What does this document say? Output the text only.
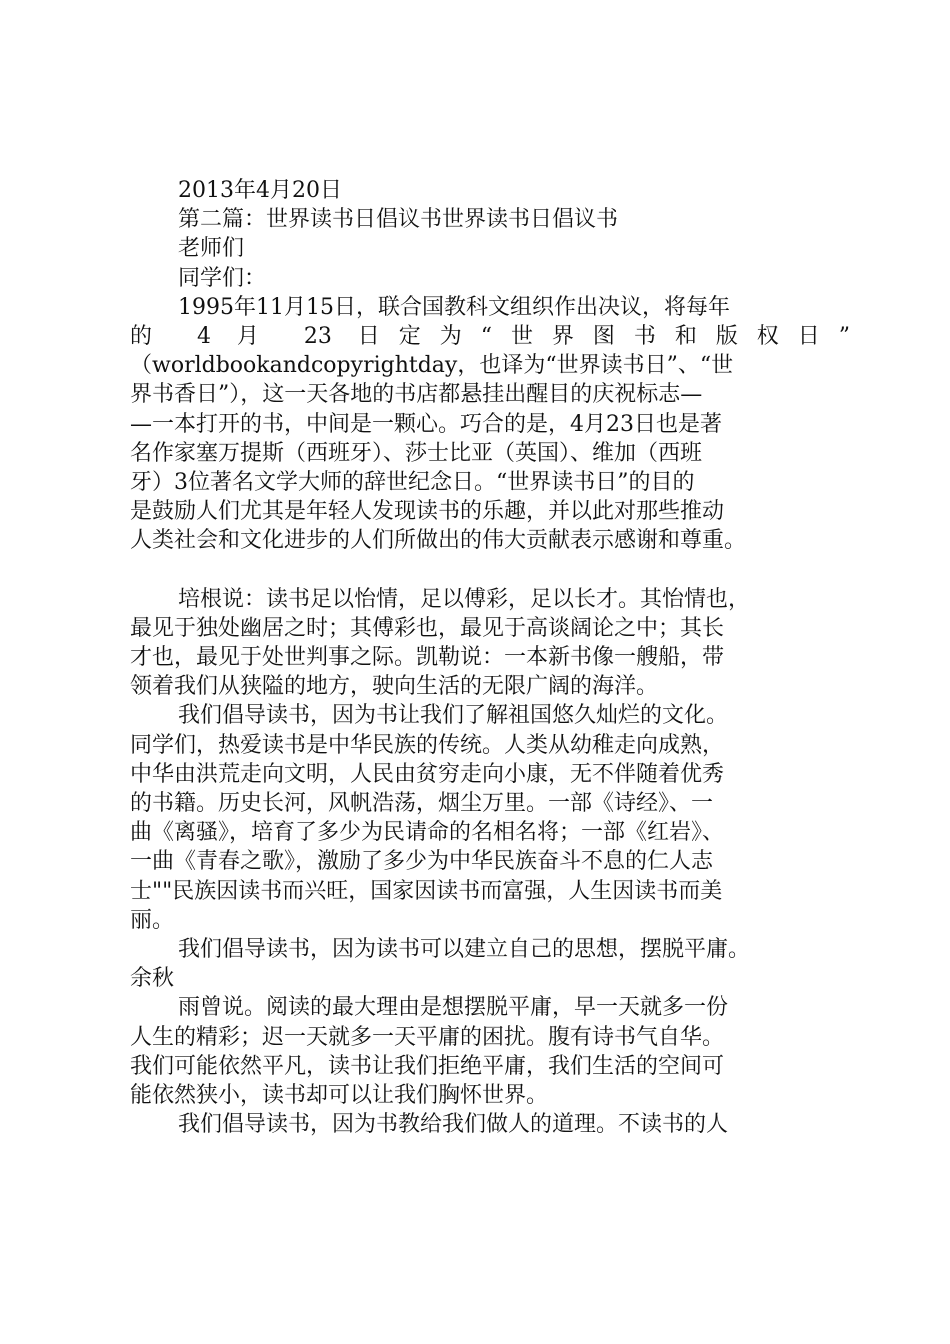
2013年4月20日
第二篇：世界读书日倡议书世界读书日倡议书
老师们
同学们：
1995年11月15日，联合国教科文组织作出决议，将每年
的 4 月 23 日定为“世界图书和版权日”
（worldbookandcopyrightday，也译为“世界读书日”、“世
界书香日”），这一天各地的书店都悬挂出醒目的庆祝标志—
—一本打开的书，中间是一颗心。巧合的是，4月23日也是著
名作家塞万提斯（西班牙）、莎士比亚（英国）、维加（西班
牙）3位著名文学大师的辞世纪念日。“世界读书日”的目的
是鼓励人们尤其是年轻人发现读书的乐趣，并以此对那些推动
人类社会和文化进步的人们所做出的伟大贡献表示感谢和尊重。
培根说：读书足以怡情，足以傅彩，足以长才。其怡情也，
最见于独处幽居之时；其傅彩也，最见于高谈阔论之中；其长
才也，最见于处世判事之际。凯勒说：一本新书像一艘船，带
领着我们从狭隘的地方，驶向生活的无限广阔的海洋。
我们倡导读书，因为书让我们了解祖国悠久灿烂的文化。
同学们，热爱读书是中华民族的传统。人类从幼稚走向成熟，
中华由洪荒走向文明，人民由贫穷走向小康，无不伴随着优秀
的书籍。历史长河，风帆浩荡，烟尘万里。一部《诗经》、一
曲《离骚》，培育了多少为民请命的名相名将；一部《红岩》、
一曲《青春之歌》，激励了多少为中华民族奋斗不息的仁人志
士""民族因读书而兴旺，国家因读书而富强，人生因读书而美
丽。
我们倡导读书，因为读书可以建立自己的思想，摆脱平庸。
余秋
雨曾说。阅读的最大理由是想摆脱平庸，早一天就多一份
人生的精彩；迟一天就多一天平庸的困扰。腹有诗书气自华。
我们可能依然平凡，读书让我们拒绝平庸，我们生活的空间可
能依然狭小，读书却可以让我们胸怀世界。
我们倡导读书，因为书教给我们做人的道理。不读书的人
